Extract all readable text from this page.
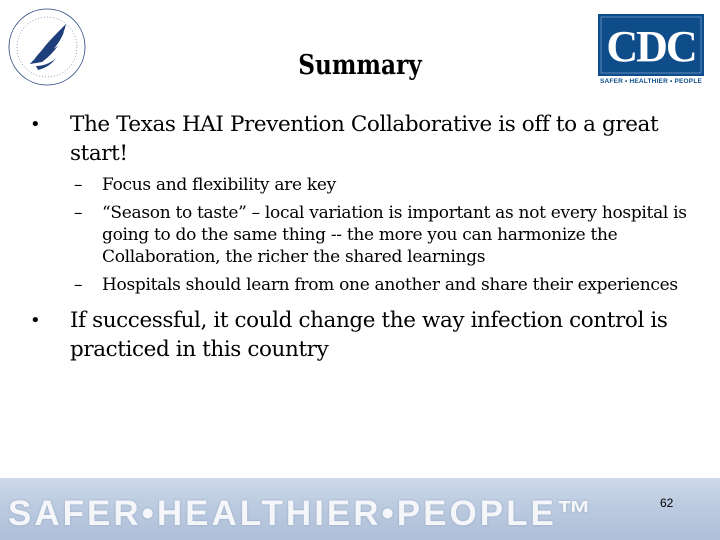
CDC
SAFER • HEALTHIER • PEOPLE
Summary
• The Texas HAI Prevention Collaborative is off to a great start!
– Focus and flexibility are key
– “Season to taste” – local variation is important as not every hospital is going to do the same thing -- the more you can harmonize the Collaboration, the richer the shared learnings
– Hospitals should learn from one another and share their experiences
• If successful, it could change the way infection control is practiced in this country
SAFER•HEALTHIER•PEOPLE™	62
